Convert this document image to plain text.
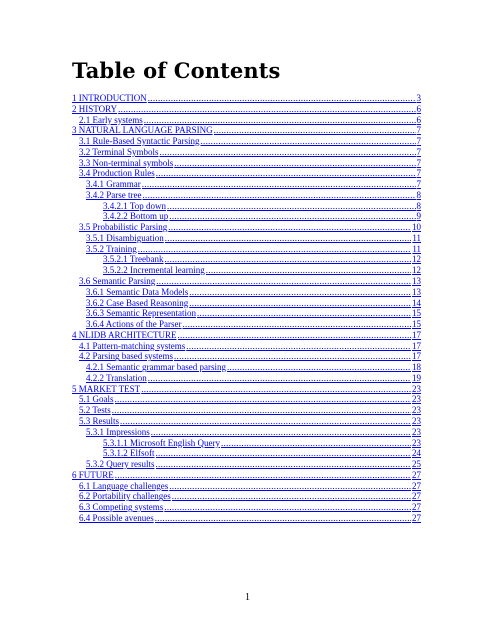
Table of Contents
1 INTRODUCTION .....	3
2 HISTORY .....	6
2.1 Early systems .....	6
3 NATURAL LANGUAGE PARSING .....	7
3.1 Rule-Based Syntactic Parsing .....	7
3.2 Terminal Symbols .....	7
3.3 Non-terminal symbols .....	7
3.4 Production Rules .....	7
3.4.1 Grammar .....	7
3.4.2 Parse tree .....	8
3.4.2.1 Top down .....	8
3.4.2.2 Bottom up .....	9
3.5 Probabilistic Parsing .....	10
3.5.1 Disambiguation .....	11
3.5.2 Training .....	11
3.5.2.1 Treebank .....	12
3.5.2.2 Incremental learning .....	12
3.6 Semantic Parsing .....	13
3.6.1 Semantic Data Models .....	13
3.6.2 Case Based Reasoning .....	14
3.6.3 Semantic Representation .....	15
3.6.4 Actions of the Parser .....	15
4 NLIDB ARCHITECTURE .....	17
4.1 Pattern-matching systems .....	17
4.2 Parsing based systems .....	17
4.2.1 Semantic grammar based parsing .....	18
4.2.2 Translation .....	19
5 MARKET TEST .....	23
5.1 Goals .....	23
5.2 Tests .....	23
5.3 Results .....	23
5.3.1 Impressions .....	23
5.3.1.1 Microsoft English Query .....	23
5.3.1.2 Elfsoft .....	24
5.3.2 Query results .....	25
6 FUTURE .....	27
6.1 Language challenges .....	27
6.2 Portability challenges .....	27
6.3 Competing systems .....	27
6.4 Possible avenues .....	27
1
